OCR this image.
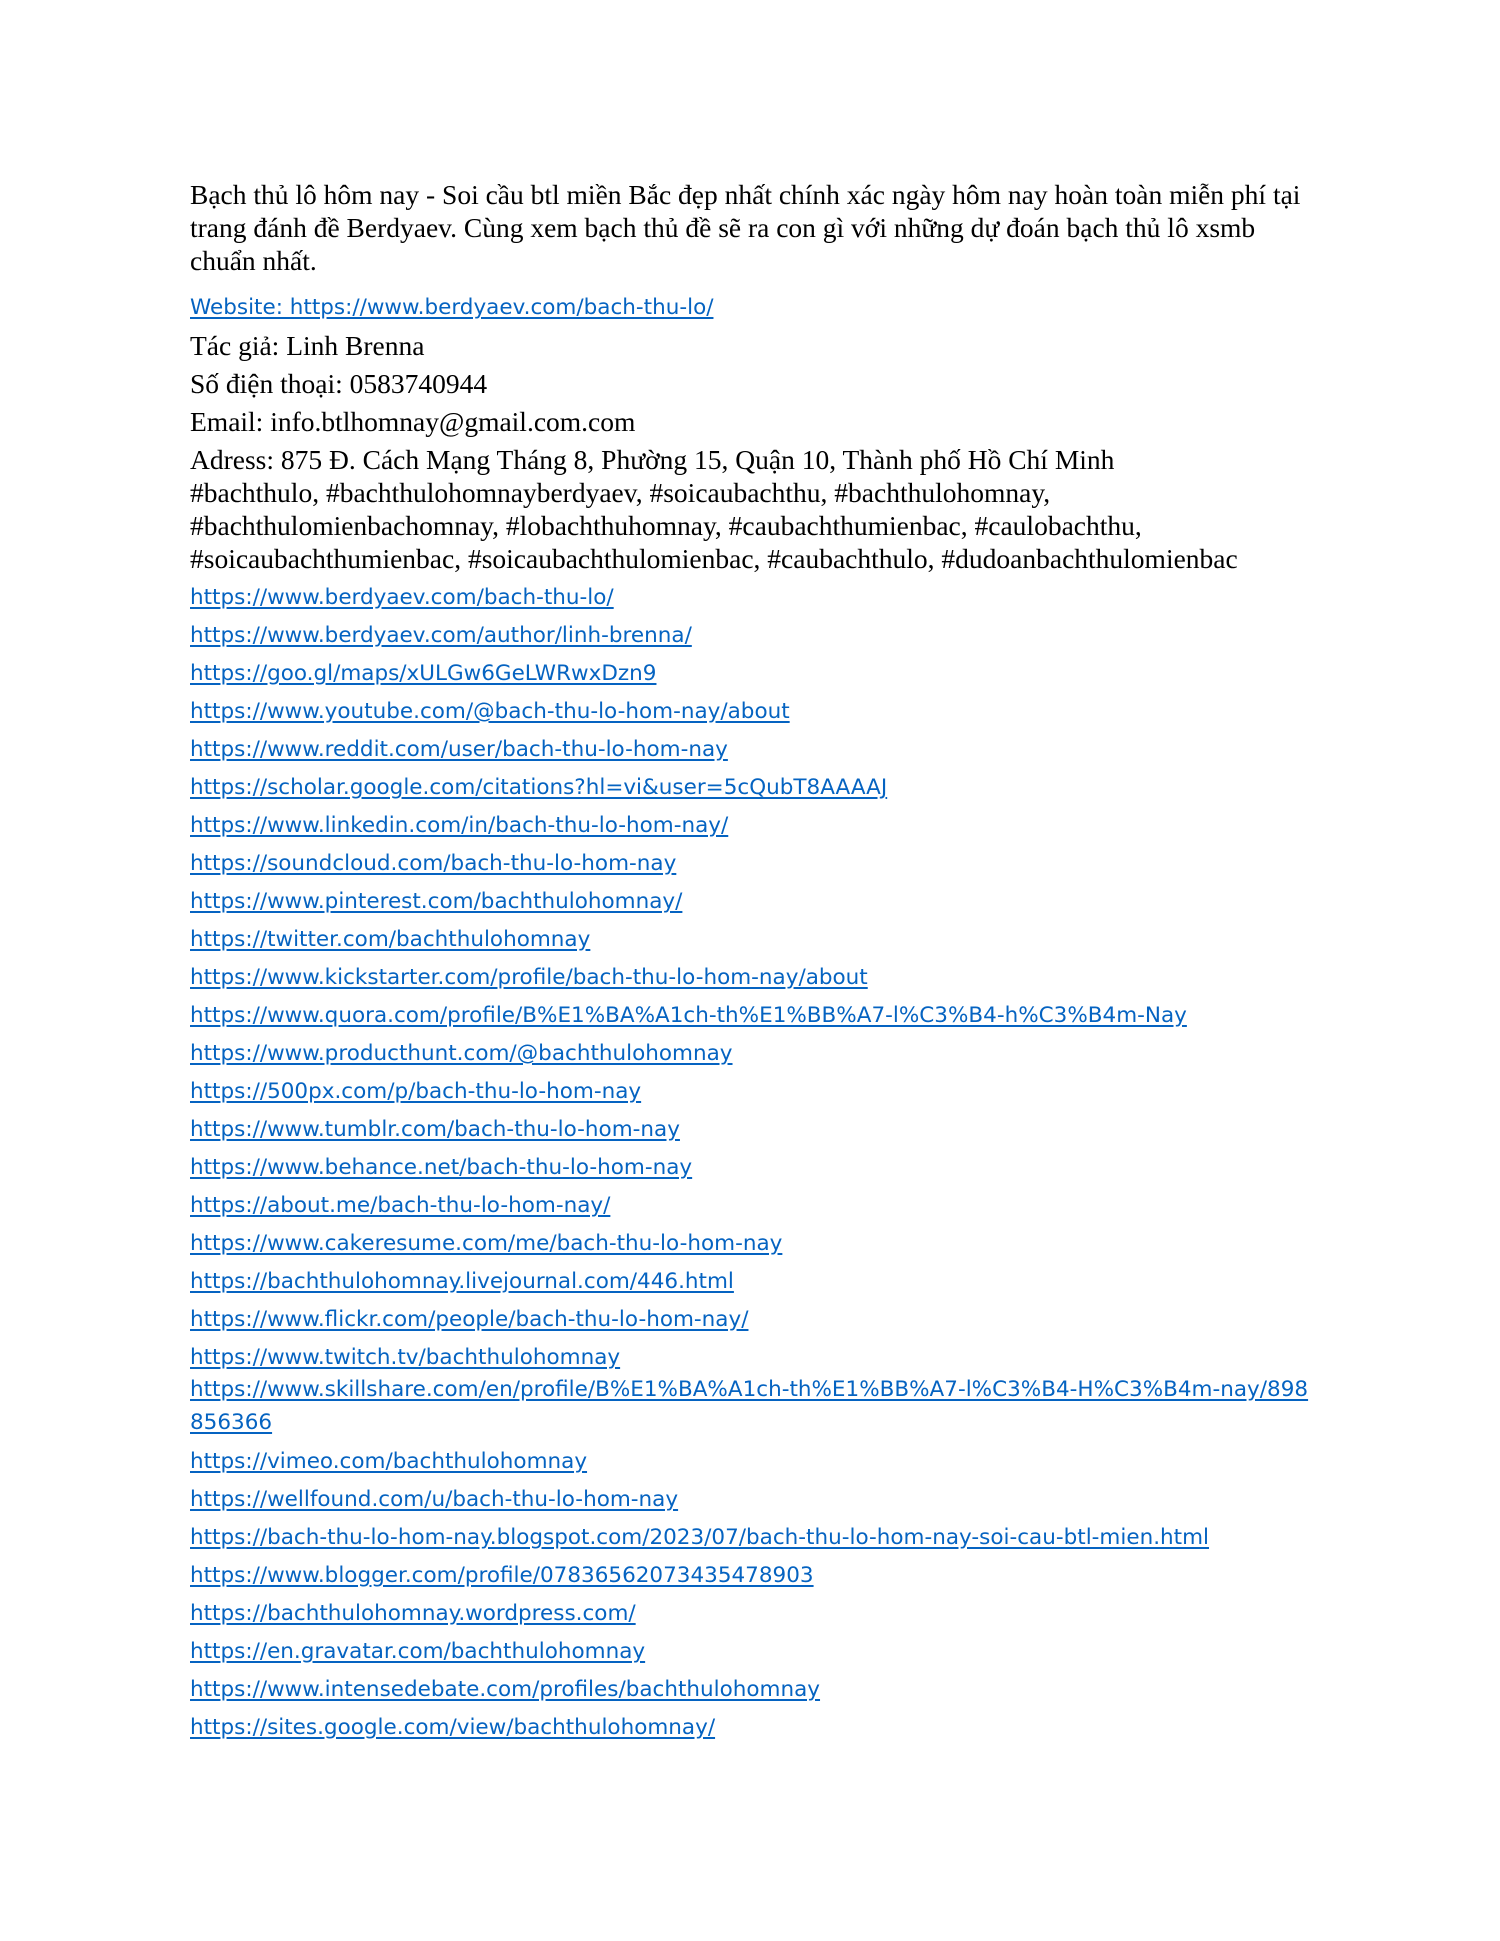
Bạch thủ lô hôm nay - Soi cầu btl miền Bắc đẹp nhất chính xác ngày hôm nay hoàn toàn miễn phí tại trang đánh đề Berdyaev. Cùng xem bạch thủ đề sẽ ra con gì với những dự đoán bạch thủ lô xsmb chuẩn nhất.

Website: https://www.berdyaev.com/bach-thu-lo/
Tác giả: Linh Brenna
Số điện thoại: 0583740944
Email: info.btlhomnay@gmail.com.com
Adress: 875 Đ. Cách Mạng Tháng 8, Phường 15, Quận 10, Thành phố Hồ Chí Minh
#bachthulo, #bachthulohomnayberdyaev, #soicaubachthu, #bachthulohomnay,
#bachthulomienbachomnay, #lobachthuhomnay, #caubachthumienbac, #caulobachthu,
#soicaubachthumienbac, #soicaubachthulomienbac, #caubachthulo, #dudoanbachthulomienbac
https://www.berdyaev.com/bach-thu-lo/
https://www.berdyaev.com/author/linh-brenna/
https://goo.gl/maps/xULGw6GeLWRwxDzn9
https://www.youtube.com/@bach-thu-lo-hom-nay/about
https://www.reddit.com/user/bach-thu-lo-hom-nay
https://scholar.google.com/citations?hl=vi&user=5cQubT8AAAAJ
https://www.linkedin.com/in/bach-thu-lo-hom-nay/
https://soundcloud.com/bach-thu-lo-hom-nay
https://www.pinterest.com/bachthulohomnay/
https://twitter.com/bachthulohomnay
https://www.kickstarter.com/profile/bach-thu-lo-hom-nay/about
https://www.quora.com/profile/B%E1%BA%A1ch-th%E1%BB%A7-l%C3%B4-h%C3%B4m-Nay
https://www.producthunt.com/@bachthulohomnay
https://500px.com/p/bach-thu-lo-hom-nay
https://www.tumblr.com/bach-thu-lo-hom-nay
https://www.behance.net/bach-thu-lo-hom-nay
https://about.me/bach-thu-lo-hom-nay/
https://www.cakeresume.com/me/bach-thu-lo-hom-nay
https://bachthulohomnay.livejournal.com/446.html
https://www.flickr.com/people/bach-thu-lo-hom-nay/
https://www.twitch.tv/bachthulohomnay
https://www.skillshare.com/en/profile/B%E1%BA%A1ch-th%E1%BB%A7-l%C3%B4-H%C3%B4m-nay/898856366
https://vimeo.com/bachthulohomnay
https://wellfound.com/u/bach-thu-lo-hom-nay
https://bach-thu-lo-hom-nay.blogspot.com/2023/07/bach-thu-lo-hom-nay-soi-cau-btl-mien.html
https://www.blogger.com/profile/07836562073435478903
https://bachthulohomnay.wordpress.com/
https://en.gravatar.com/bachthulohomnay
https://www.intensedebate.com/profiles/bachthulohomnay
https://sites.google.com/view/bachthulohomnay/
